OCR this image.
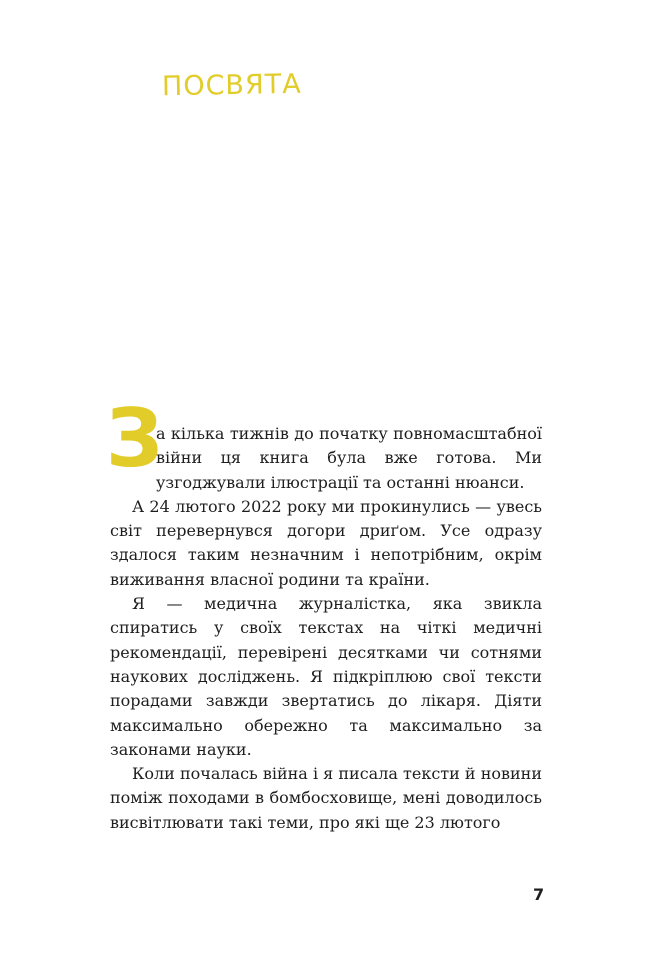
ПОСВЯТА

З
а кілька тижнів до початку повномасштабної війни ця книга була вже готова. Ми узгоджували ілюстрації та останні нюанси.

А 24 лютого 2022 року ми прокинулись — увесь світ перевернувся догори дриґом. Усе одразу здалося таким незначним і непотрібним, окрім виживання власної родини та країни.

Я — медична журналістка, яка звикла спиратись у своїх текстах на чіткі медичні рекомендації, перевірені десятками чи сотнями наукових досліджень. Я підкріплюю свої тексти порадами завжди звертатись до лікаря. Діяти максимально обережно та максимально за законами науки.

Коли почалась війна і я писала тексти й новини поміж походами в бомбосховище, мені доводилось висвітлювати такі теми, про які ще 23 лютого

7
